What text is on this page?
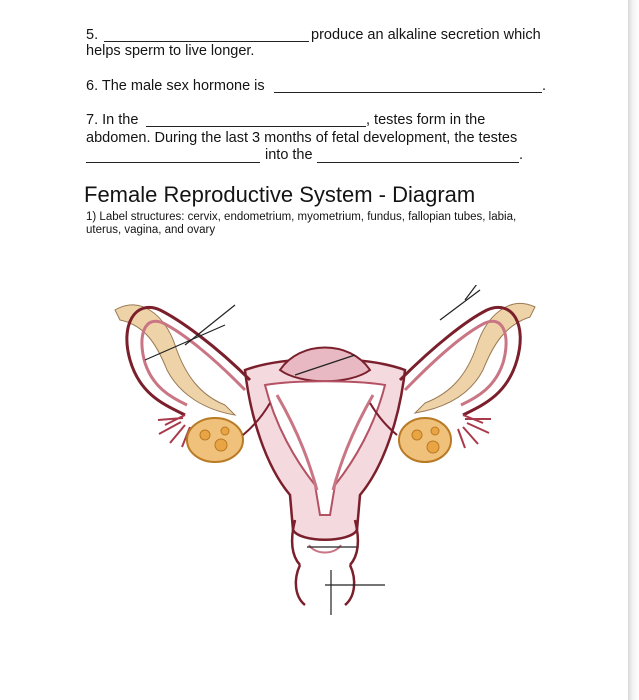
5.	produce an alkaline secretion which
helps sperm to live longer.
6. The male sex hormone is	.
7. In the	, testes form in the
abdomen. During the last 3 months of fetal development, the testes
into the	.
Female Reproductive System - Diagram
1) Label structures: cervix, endometrium, myometrium, fundus, fallopian tubes, labia,
uterus, vagina, and ovary
